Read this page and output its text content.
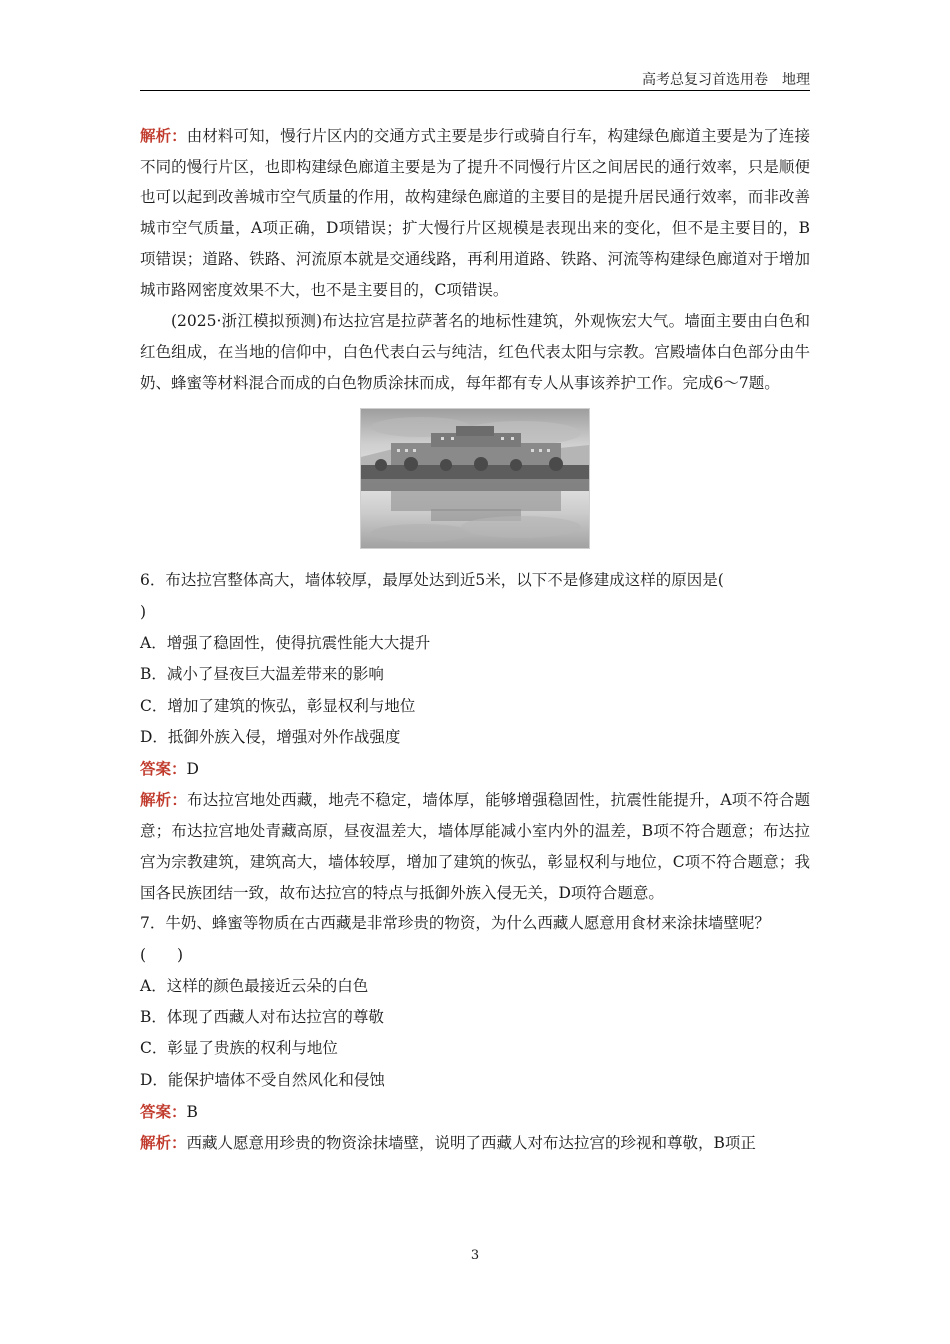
高考总复习首选用卷　地理

解析：由材料可知，慢行片区内的交通方式主要是步行或骑自行车，构建绿色廊道主要是为了连接不同的慢行片区，也即构建绿色廊道主要是为了提升不同慢行片区之间居民的通行效率，只是顺便也可以起到改善城市空气质量的作用，故构建绿色廊道的主要目的是提升居民通行效率，而非改善城市空气质量，A项正确，D项错误；扩大慢行片区规模是表现出来的变化，但不是主要目的，B项错误；道路、铁路、河流原本就是交通线路，再利用道路、铁路、河流等构建绿色廊道对于增加城市路网密度效果不大，也不是主要目的，C项错误。

(2025·浙江模拟预测)布达拉宫是拉萨著名的地标性建筑，外观恢宏大气。墙面主要由白色和红色组成，在当地的信仰中，白色代表白云与纯洁，红色代表太阳与宗教。宫殿墙体白色部分由牛奶、蜂蜜等材料混合而成的白色物质涂抹而成，每年都有专人从事该养护工作。完成6～7题。

6．布达拉宫整体高大，墙体较厚，最厚处达到近5米，以下不是修建成这样的原因是(

)

A．增强了稳固性，使得抗震性能大大提升

B．减小了昼夜巨大温差带来的影响

C．增加了建筑的恢弘，彰显权利与地位

D．抵御外族入侵，增强对外作战强度

答案：D

解析：布达拉宫地处西藏，地壳不稳定，墙体厚，能够增强稳固性，抗震性能提升，A项不符合题意；布达拉宫地处青藏高原，昼夜温差大，墙体厚能减小室内外的温差，B项不符合题意；布达拉宫为宗教建筑，建筑高大，墙体较厚，增加了建筑的恢弘，彰显权利与地位，C项不符合题意；我国各民族团结一致，故布达拉宫的特点与抵御外族入侵无关，D项符合题意。

7．牛奶、蜂蜜等物质在古西藏是非常珍贵的物资，为什么西藏人愿意用食材来涂抹墙壁呢？

(　　)

A．这样的颜色最接近云朵的白色

B．体现了西藏人对布达拉宫的尊敬

C．彰显了贵族的权利与地位

D．能保护墙体不受自然风化和侵蚀

答案：B

解析：西藏人愿意用珍贵的物资涂抹墙壁，说明了西藏人对布达拉宫的珍视和尊敬，B项正

3
